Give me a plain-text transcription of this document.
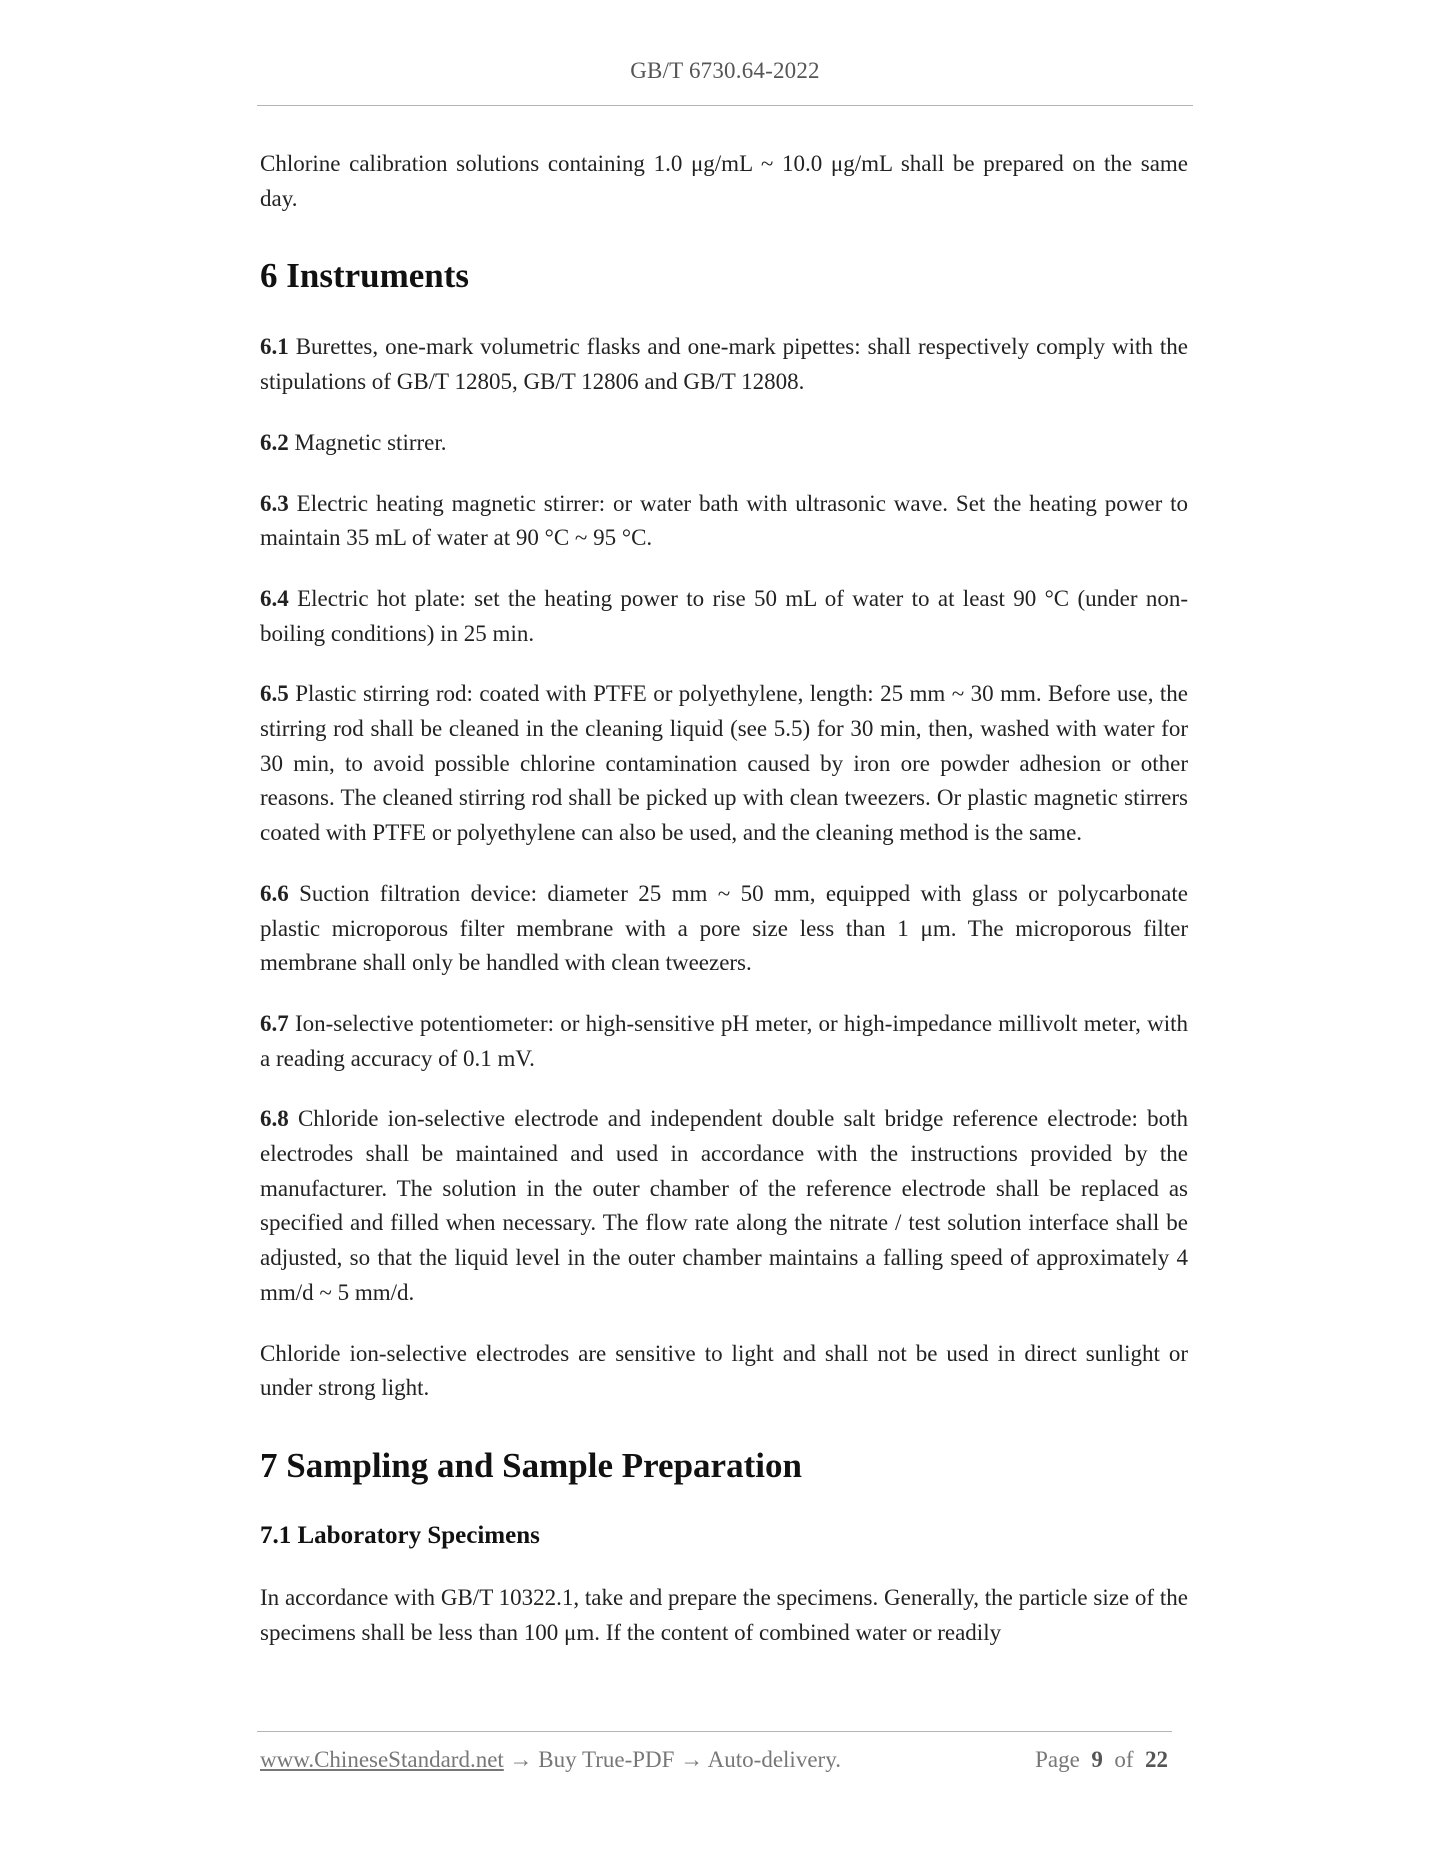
GB/T 6730.64-2022

Chlorine calibration solutions containing 1.0 μg/mL ~ 10.0 μg/mL shall be prepared on the same day.

6 Instruments

6.1 Burettes, one-mark volumetric flasks and one-mark pipettes: shall respectively comply with the stipulations of GB/T 12805, GB/T 12806 and GB/T 12808.

6.2 Magnetic stirrer.

6.3 Electric heating magnetic stirrer: or water bath with ultrasonic wave. Set the heating power to maintain 35 mL of water at 90 °C ~ 95 °C.

6.4 Electric hot plate: set the heating power to rise 50 mL of water to at least 90 °C (under non-boiling conditions) in 25 min.

6.5 Plastic stirring rod: coated with PTFE or polyethylene, length: 25 mm ~ 30 mm. Before use, the stirring rod shall be cleaned in the cleaning liquid (see 5.5) for 30 min, then, washed with water for 30 min, to avoid possible chlorine contamination caused by iron ore powder adhesion or other reasons. The cleaned stirring rod shall be picked up with clean tweezers. Or plastic magnetic stirrers coated with PTFE or polyethylene can also be used, and the cleaning method is the same.

6.6 Suction filtration device: diameter 25 mm ~ 50 mm, equipped with glass or polycarbonate plastic microporous filter membrane with a pore size less than 1 μm. The microporous filter membrane shall only be handled with clean tweezers.

6.7 Ion-selective potentiometer: or high-sensitive pH meter, or high-impedance millivolt meter, with a reading accuracy of 0.1 mV.

6.8 Chloride ion-selective electrode and independent double salt bridge reference electrode: both electrodes shall be maintained and used in accordance with the instructions provided by the manufacturer. The solution in the outer chamber of the reference electrode shall be replaced as specified and filled when necessary. The flow rate along the nitrate / test solution interface shall be adjusted, so that the liquid level in the outer chamber maintains a falling speed of approximately 4 mm/d ~ 5 mm/d.

Chloride ion-selective electrodes are sensitive to light and shall not be used in direct sunlight or under strong light.

7 Sampling and Sample Preparation
7.1 Laboratory Specimens

In accordance with GB/T 10322.1, take and prepare the specimens. Generally, the particle size of the specimens shall be less than 100 μm. If the content of combined water or readily

www.ChineseStandard.net → Buy True-PDF → Auto-delivery.	Page 9 of 22
